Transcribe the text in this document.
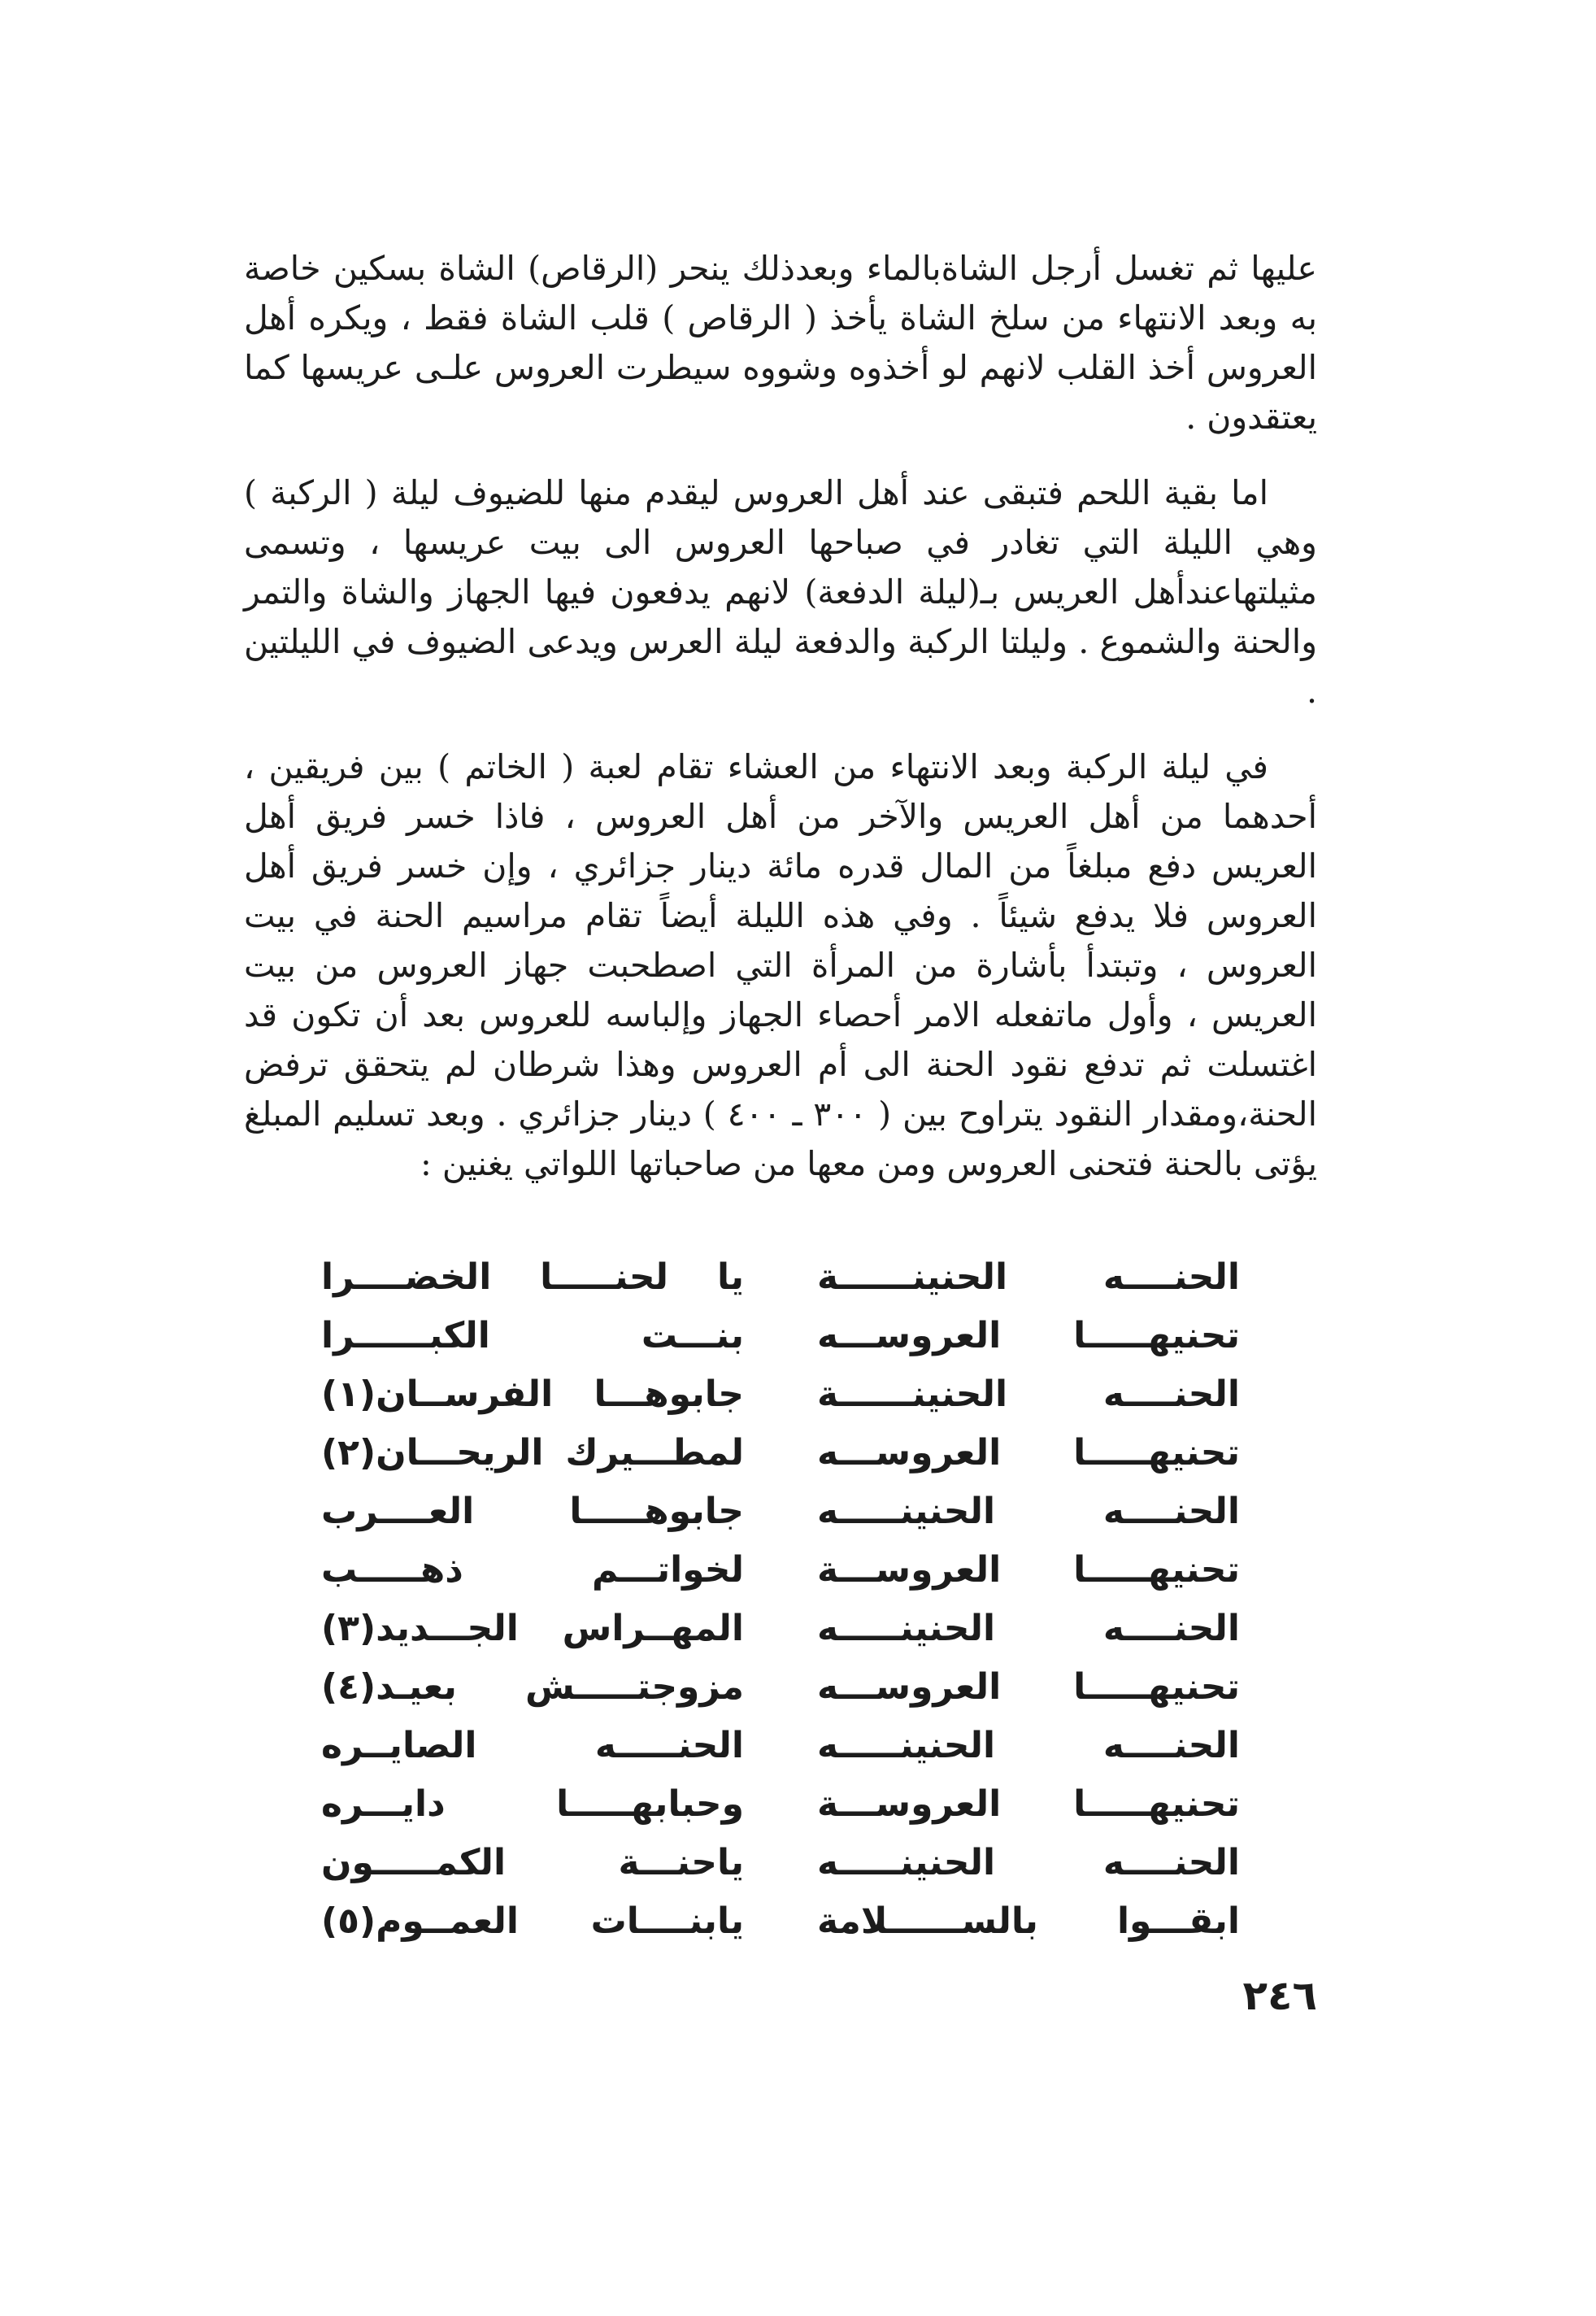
عليها ثم تغسل أرجل الشاةبالماء وبعدذلك ينحر (الرقاص) الشاة بسكين خاصة به وبعد الانتهاء من سلخ الشاة يأخذ ( الرقاص ) قلب الشاة فقط ، ويكره أهل العروس أخذ القلب لانهم لو أخذوه وشووه سيطرت العروس علـى عريسها كما يعتقدون .

اما بقية اللحم فتبقى عند أهل العروس ليقدم منها للضيوف ليلة ( الركبة ) وهي الليلة التي تغادر في صباحها العروس الى بيت عريسها ، وتسمى مثيلتهاعندأهل العريس بـ(ليلة الدفعة) لانهم يدفعون فيها الجهاز والشاة والتمر والحنة والشموع . وليلتا الركبة والدفعة ليلة العرس ويدعى الضيوف في الليلتين .

في ليلة الركبة وبعد الانتهاء من العشاء تقام لعبة ( الخاتم ) بين فريقين ، أحدهما من أهل العريس والآخر من أهل العروس ، فاذا خسر فريق أهل العريس دفع مبلغاً من المال قدره مائة دينار جزائري ، وإن خسر فريق أهل العروس فلا يدفع شيئاً . وفي هذه الليلة أيضاً تقام مراسيم الحنة في بيت العروس ، وتبتدأ بأشارة من المرأة التي اصطحبت جهاز العروس من بيت العريس ، وأول ماتفعله الامر أحصاء الجهاز وإلباسه للعروس بعد أن تكون قد اغتسلت ثم تدفع نقود الحنة الى أم العروس وهذا شرطان لم يتحقق ترفض الحنة،ومقدار النقود يتراوح بين ( ٣٠٠ ـ ٤٠٠ ) دينار جزائري . وبعد تسليم المبلغ يؤتى بالحنة فتحنى العروس ومن معها من صاحباتها اللواتي يغنين :

الحنــــه الحنينــــــة
يا لحنـــــا الخضــــرا
تحنيهـــــا العروســـه
بنـــت الكبــــــرا
الحنــــه الحنينــــــة
جابوهـــا الفرســان(١)
تحنيهـــــا العروســـه
لمطـــيرك الريحـــان(٢)
الحنــــه الحنينـــــه
جابوهـــــا العــــرب
تحنيهـــــا العروســـة
لخواتـــم ذهـــــب
الحنــــه الحنينـــــه
المهــراس الجـــديد(٣)
تحنيهـــــا العروســـه
مزوجتـــــش بعيـد(٤)
الحنــــه الحنينـــــه
الحنـــــه الصايــره
تحنيهـــــا العروســـة
وحبابهـــــا دايـــره
الحنــــه الحنينـــــه
ياحنـــة الكمـــــون
ابقـــوا بالســــــلامة
يابنــــات العمــوم(٥)
٢٤٦
